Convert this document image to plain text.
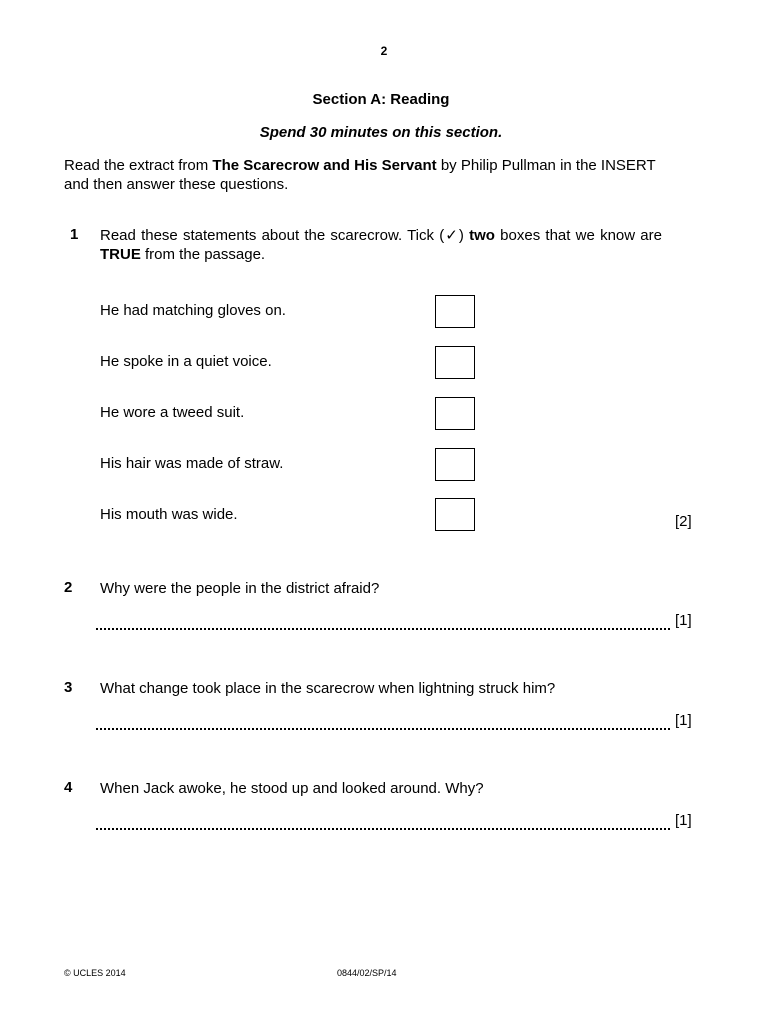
2
Section A: Reading
Spend 30 minutes on this section.
Read the extract from The Scarecrow and His Servant by Philip Pullman in the INSERT and then answer these questions.
1 Read these statements about the scarecrow. Tick (✓) two boxes that we know are TRUE from the passage.
He had matching gloves on.
He spoke in a quiet voice.
He wore a tweed suit.
His hair was made of straw.
His mouth was wide.	[2]
2 Why were the people in the district afraid?
[1]
3 What change took place in the scarecrow when lightning struck him?
[1]
4 When Jack awoke, he stood up and looked around. Why?
[1]
© UCLES 2014	0844/02/SP/14
